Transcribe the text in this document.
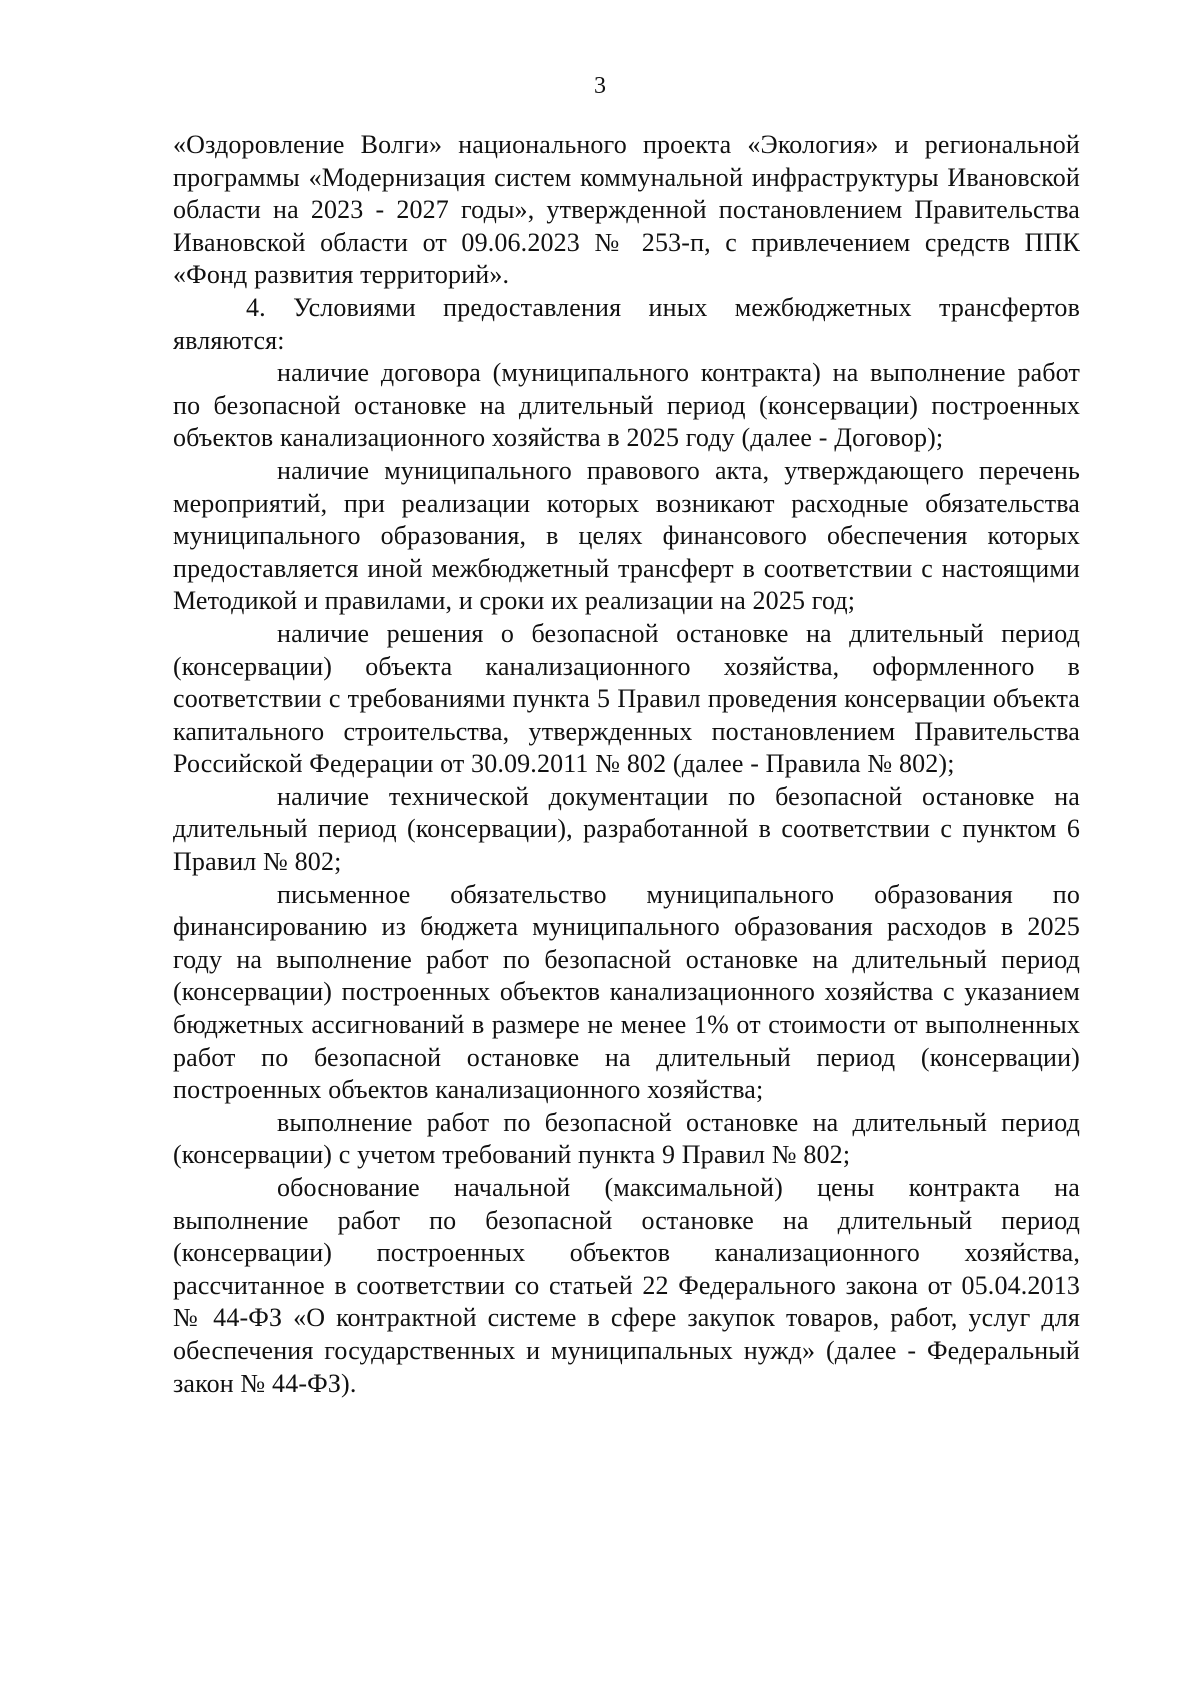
3

«Оздоровление Волги» национального проекта «Экология» и региональной программы «Модернизация систем коммунальной инфраструктуры Ивановской области на 2023 - 2027 годы», утвержденной постановлением Правительства Ивановской области от 09.06.2023 № 253-п, с привлечением средств ППК «Фонд развития территорий».

4. Условиями предоставления иных межбюджетных трансфертов являются:

наличие договора (муниципального контракта) на выполнение работ по безопасной остановке на длительный период (консервации) построенных объектов канализационного хозяйства в 2025 году (далее - Договор);

наличие муниципального правового акта, утверждающего перечень мероприятий, при реализации которых возникают расходные обязательства муниципального образования, в целях финансового обеспечения которых предоставляется иной межбюджетный трансферт в соответствии с настоящими Методикой и правилами, и сроки их реализации на 2025 год;

наличие решения о безопасной остановке на длительный период (консервации) объекта канализационного хозяйства, оформленного в соответствии с требованиями пункта 5 Правил проведения консервации объекта капитального строительства, утвержденных постановлением Правительства Российской Федерации от 30.09.2011 № 802 (далее - Правила № 802);

наличие технической документации по безопасной остановке на длительный период (консервации), разработанной в соответствии с пунктом 6 Правил № 802;

письменное обязательство муниципального образования по финансированию из бюджета муниципального образования расходов в 2025 году на выполнение работ по безопасной остановке на длительный период (консервации) построенных объектов канализационного хозяйства с указанием бюджетных ассигнований в размере не менее 1% от стоимости от выполненных работ по безопасной остановке на длительный период (консервации) построенных объектов канализационного хозяйства;

выполнение работ по безопасной остановке на длительный период (консервации) с учетом требований пункта 9 Правил № 802;

обоснование начальной (максимальной) цены контракта на выполнение работ по безопасной остановке на длительный период (консервации) построенных объектов канализационного хозяйства, рассчитанное в соответствии со статьей 22 Федерального закона от 05.04.2013 № 44-ФЗ «О контрактной системе в сфере закупок товаров, работ, услуг для обеспечения государственных и муниципальных нужд» (далее - Федеральный закон № 44-ФЗ).
